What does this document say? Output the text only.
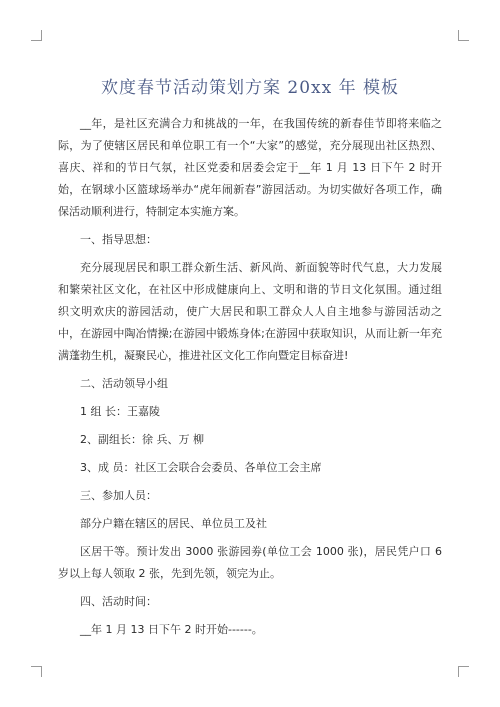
欢度春节活动策划方案 20xx 年 模板

__年，是社区充满合力和挑战的一年，在我国传统的新春佳节即将来临之际，为了使辖区居民和单位职工有一个“大家”的感觉，充分展现出社区热烈、喜庆、祥和的节日气氛，社区党委和居委会定于__年 1 月 13 日下午 2 时开始，在钢球小区篮球场举办“虎年闹新春”游园活动。为切实做好各项工作，确保活动顺利进行，特制定本实施方案。

一、指导思想：

充分展现居民和职工群众新生活、新风尚、新面貌等时代气息，大力发展和繁荣社区文化，在社区中形成健康向上、文明和谐的节日文化氛围。通过组织文明欢庆的游园活动，使广大居民和职工群众人人自主地参与游园活动之中，在游园中陶冶情操;在游园中锻炼身体;在游园中获取知识，从而让新一年充满蓬勃生机，凝聚民心，推进社区文化工作向暨定目标奋进!

二、活动领导小组

1 组 长：王嘉陵

2、副组长：徐 兵、万 柳

3、成 员：社区工会联合会委员、各单位工会主席

三、参加人员：

部分户籍在辖区的居民、单位员工及社

区居干等。预计发出 3000 张游园劵(单位工会 1000 张)，居民凭户口 6 岁以上每人领取 2 张，先到先领，领完为止。

四、活动时间：

__年 1 月 13 日下午 2 时开始------。
